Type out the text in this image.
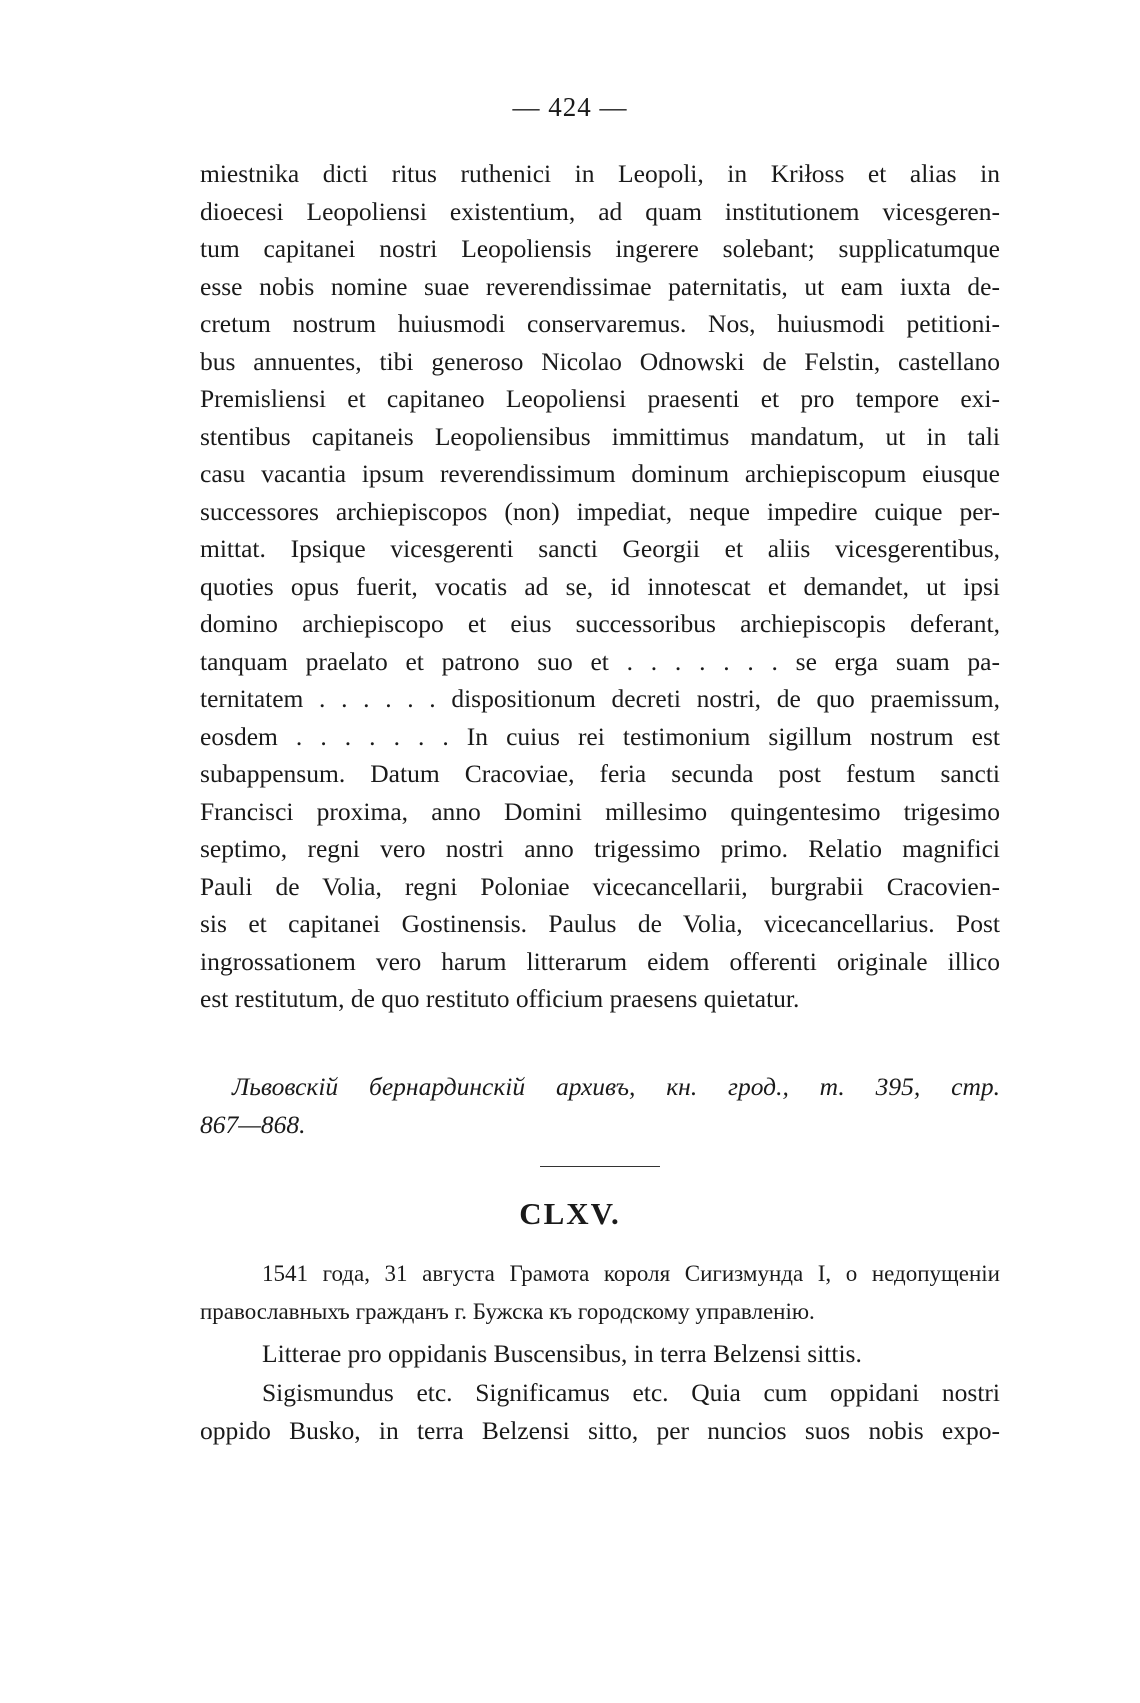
— 424 —
miestnika dicti ritus ruthenici in Leopoli, in Kriłoss et alias in
dioecesi Leopoliensi existentium, ad quam institutionem vicesgeren-
tum capitanei nostri Leopoliensis ingerere solebant; supplicatumque
esse nobis nomine suae reverendissimae paternitatis, ut eam iuxta de-
cretum nostrum huiusmodi conservaremus. Nos, huiusmodi petitioni-
bus annuentes, tibi generoso Nicolao Odnowski de Felstin, castellano
Premisliensi et capitaneo Leopoliensi praesenti et pro tempore exi-
stentibus capitaneis Leopoliensibus immittimus mandatum, ut in tali
casu vacantia ipsum reverendissimum dominum archiepiscopum eiusque
successores archiepiscopos (non) impediat, neque impedire cuique per-
mittat. Ipsique vicesgerenti sancti Georgii et aliis vicesgerentibus,
quoties opus fuerit, vocatis ad se, id innotescat et demandet, ut ipsi
domino archiepiscopo et eius successoribus archiepiscopis deferant,
tanquam praelato et patrono suo et . . . . . . . se erga suam pa-
ternitatem . . . . . . dispositionum decreti nostri, de quo praemissum,
eosdem . . . . . . . In cuius rei testimonium sigillum nostrum est
subappensum. Datum Cracoviae, feria secunda post festum sancti
Francisci proxima, anno Domini millesimo quingentesimo trigesimo
septimo, regni vero nostri anno trigessimo primo. Relatio magnifici
Pauli de Volia, regni Poloniae vicecancellarii, burgrabii Cracovien-
sis et capitanei Gostinensis. Paulus de Volia, vicecancellarius. Post
ingrossationem vero harum litterarum eidem offerenti originale illico
est restitutum, de quo restituto officium praesens quietatur.
Львовскій бернардинскій архивъ, кн. грод., т. 395, стр.
867—868.
CLXV.
1541 года, 31 августа Грамота короля Сигизмунда I, о недопущеніи
православныхъ гражданъ г. Бужска къ городскому управленію.
Litterae pro oppidanis Buscensibus, in terra Belzensi sittis.
Sigismundus etc. Significamus etc. Quia cum oppidani nostri
oppido Busko, in terra Belzensi sitto, per nuncios suos nobis expo-
